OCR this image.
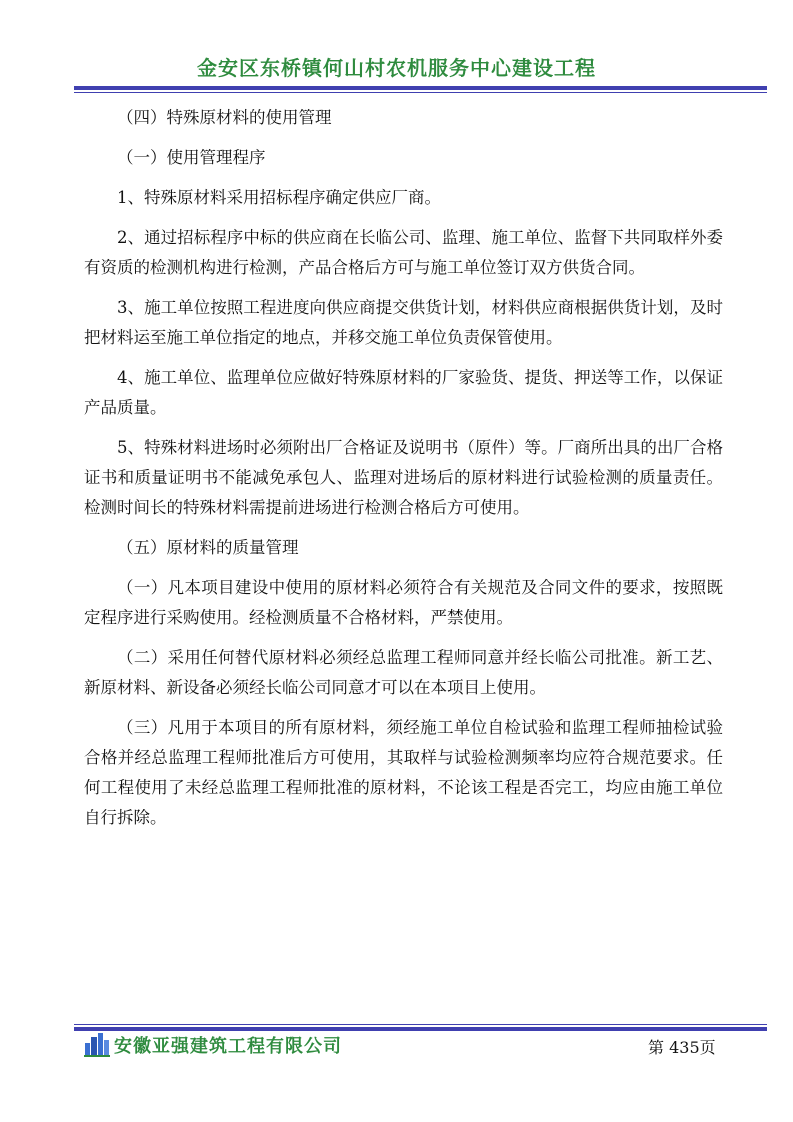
金安区东桥镇何山村农机服务中心建设工程

（四）特殊原材料的使用管理

（一）使用管理程序

1、特殊原材料采用招标程序确定供应厂商。

2、通过招标程序中标的供应商在长临公司、监理、施工单位、监督下共同取样外委有资质的检测机构进行检测，产品合格后方可与施工单位签订双方供货合同。

3、施工单位按照工程进度向供应商提交供货计划，材料供应商根据供货计划，及时把材料运至施工单位指定的地点，并移交施工单位负责保管使用。

4、施工单位、监理单位应做好特殊原材料的厂家验货、提货、押送等工作，以保证产品质量。

5、特殊材料进场时必须附出厂合格证及说明书（原件）等。厂商所出具的出厂合格证书和质量证明书不能减免承包人、监理对进场后的原材料进行试验检测的质量责任。检测时间长的特殊材料需提前进场进行检测合格后方可使用。

（五）原材料的质量管理

（一）凡本项目建设中使用的原材料必须符合有关规范及合同文件的要求，按照既定程序进行采购使用。经检测质量不合格材料，严禁使用。

（二）采用任何替代原材料必须经总监理工程师同意并经长临公司批准。新工艺、新原材料、新设备必须经长临公司同意才可以在本项目上使用。

（三）凡用于本项目的所有原材料，须经施工单位自检试验和监理工程师抽检试验合格并经总监理工程师批准后方可使用，其取样与试验检测频率均应符合规范要求。任何工程使用了未经总监理工程师批准的原材料，不论该工程是否完工，均应由施工单位自行拆除。

安徽亚强建筑工程有限公司	第 435页
